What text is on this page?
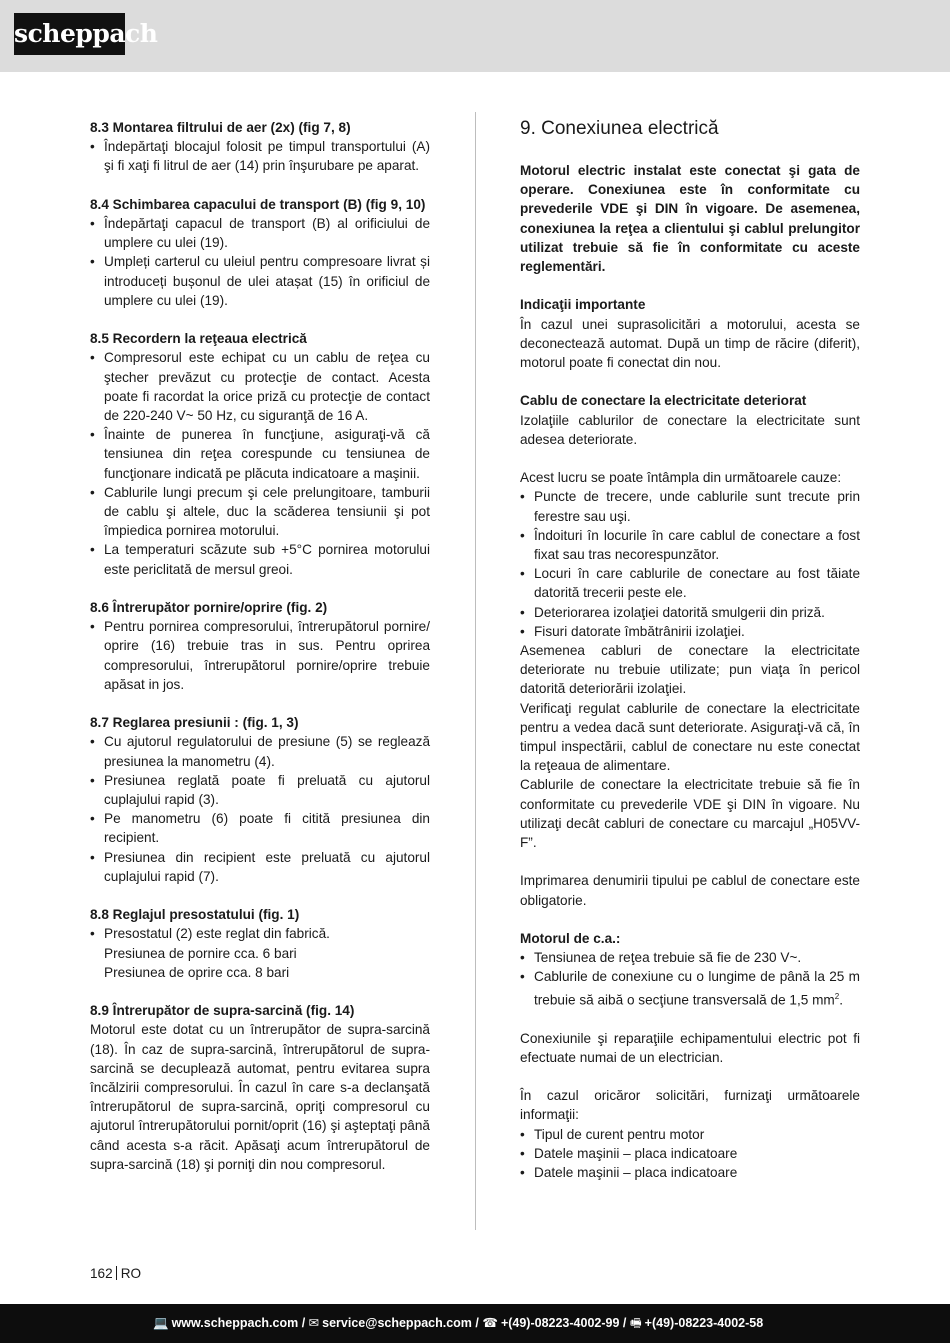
scheppach
8.3 Montarea filtrului de aer (2x) (fig 7, 8)
• Îndepărtaţi blocajul folosit pe timpul transportului (A) şi fi xaţi fi litrul de aer (14) prin înşurubare pe aparat.
8.4 Schimbarea capacului de transport (B) (fig 9, 10)
• Îndepărtaţi capacul de transport (B) al orificiului de umplere cu ulei (19).
• Umpleți carterul cu uleiul pentru compresoare livrat și introduceți bușonul de ulei atașat (15) în orificiul de umplere cu ulei (19).
8.5 Recordern la reţeaua electrică
• Compresorul este echipat cu un cablu de reţea cu ştecher prevăzut cu protecţie de contact. Acesta poate fi racordat la orice priză cu protecţie de contact de 220-240 V~ 50 Hz, cu siguranţă de 16 A.
• Înainte de punerea în funcţiune, asiguraţi-vă că tensiunea din reţea corespunde cu tensiunea de funcţionare indicată pe plăcuta indicatoare a maşinii.
• Cablurile lungi precum şi cele prelungitoare, tamburii de cablu şi altele, duc la scăderea tensiunii şi pot împiedica pornirea motorului.
• La temperaturi scăzute sub +5°C pornirea motorului este periclitată de mersul greoi.
8.6 Întrerupător pornire/oprire (fig. 2)
• Pentru pornirea compresorului, întrerupătorul pornire/ oprire (16) trebuie tras in sus. Pentru oprirea compresorului, întrerupătorul pornire/oprire trebuie apăsat in jos.
8.7 Reglarea presiunii : (fig. 1, 3)
• Cu ajutorul regulatorului de presiune (5) se reglează presiunea la manometru (4).
• Presiunea reglată poate fi preluată cu ajutorul cuplajului rapid (3).
• Pe manometru (6) poate fi citită presiunea din recipient.
• Presiunea din recipient este preluată cu ajutorul cuplajului rapid (7).
8.8 Reglajul presostatului (fig. 1)
• Presostatul (2) este reglat din fabrică.
Presiunea de pornire cca. 6 bari
Presiunea de oprire cca. 8 bari
8.9 Întrerupător de supra-sarcină (fig. 14)

Motorul este dotat cu un întrerupător de supra-sarcină (18). În caz de supra-sarcină, întrerupătorul de supra-sarcină se decuplează automat, pentru evitarea supra încălzirii compresorului. În cazul în care s-a declanşată întrerupătorul de supra-sarcină, opriţi compresorul cu ajutorul întrerupătorului pornit/oprit (16) şi aşteptaţi până când acesta s-a răcit. Apăsaţi acum întrerupătorul de supra-sarcină (18) şi porniţi din nou compresorul.

9. Conexiunea electrică

Motorul electric instalat este conectat şi gata de operare. Conexiunea este în conformitate cu prevederile VDE şi DIN în vigoare. De asemenea, conexiunea la reţea a clientului şi cablul prelungitor utilizat trebuie să fie în conformitate cu aceste reglementări.

Indicaţii importante

În cazul unei suprasolicitări a motorului, acesta se deconectează automat. După un timp de răcire (diferit), motorul poate fi conectat din nou.

Cablu de conectare la electricitate deteriorat

Izolaţiile cablurilor de conectare la electricitate sunt adesea deteriorate.

Acest lucru se poate întâmpla din următoarele cauze:

• Puncte de trecere, unde cablurile sunt trecute prin ferestre sau uşi.
• Îndoituri în locurile în care cablul de conectare a fost fixat sau tras necorespunzător.
• Locuri în care cablurile de conectare au fost tăiate datorită trecerii peste ele.
• Deteriorarea izolaţiei datorită smulgerii din priză.
• Fisuri datorate îmbătrânirii izolaţiei.

Asemenea cabluri de conectare la electricitate deteriorate nu trebuie utilizate; pun viaţa în pericol datorită deteriorării izolaţiei.

Verificaţi regulat cablurile de conectare la electricitate pentru a vedea dacă sunt deteriorate. Asiguraţi-vă că, în timpul inspectării, cablul de conectare nu este conectat la reţeaua de alimentare.

Cablurile de conectare la electricitate trebuie să fie în conformitate cu prevederile VDE şi DIN în vigoare. Nu utilizaţi decât cabluri de conectare cu marcajul „H05VV-F”.

Imprimarea denumirii tipului pe cablul de conectare este obligatorie.

Motorul de c.a.:
• Tensiunea de reţea trebuie să fie de 230 V~.
• Cablurile de conexiune cu o lungime de până la 25 m trebuie să aibă o secţiune transversală de 1,5 $mm^2$.

Conexiunile şi reparaţiile echipamentului electric pot fi efectuate numai de un electrician.

În cazul oricăror solicitări, furnizaţi următoarele informaţii:

• Tipul de curent pentru motor
• Datele maşinii – placa indicatoare
• Datele maşinii – placa indicatoare
162 RO
💻 www.scheppach.com / ✉ service@scheppach.com / ☎ +(49)-08223-4002-99 / 🖷 +(49)-08223-4002-58
